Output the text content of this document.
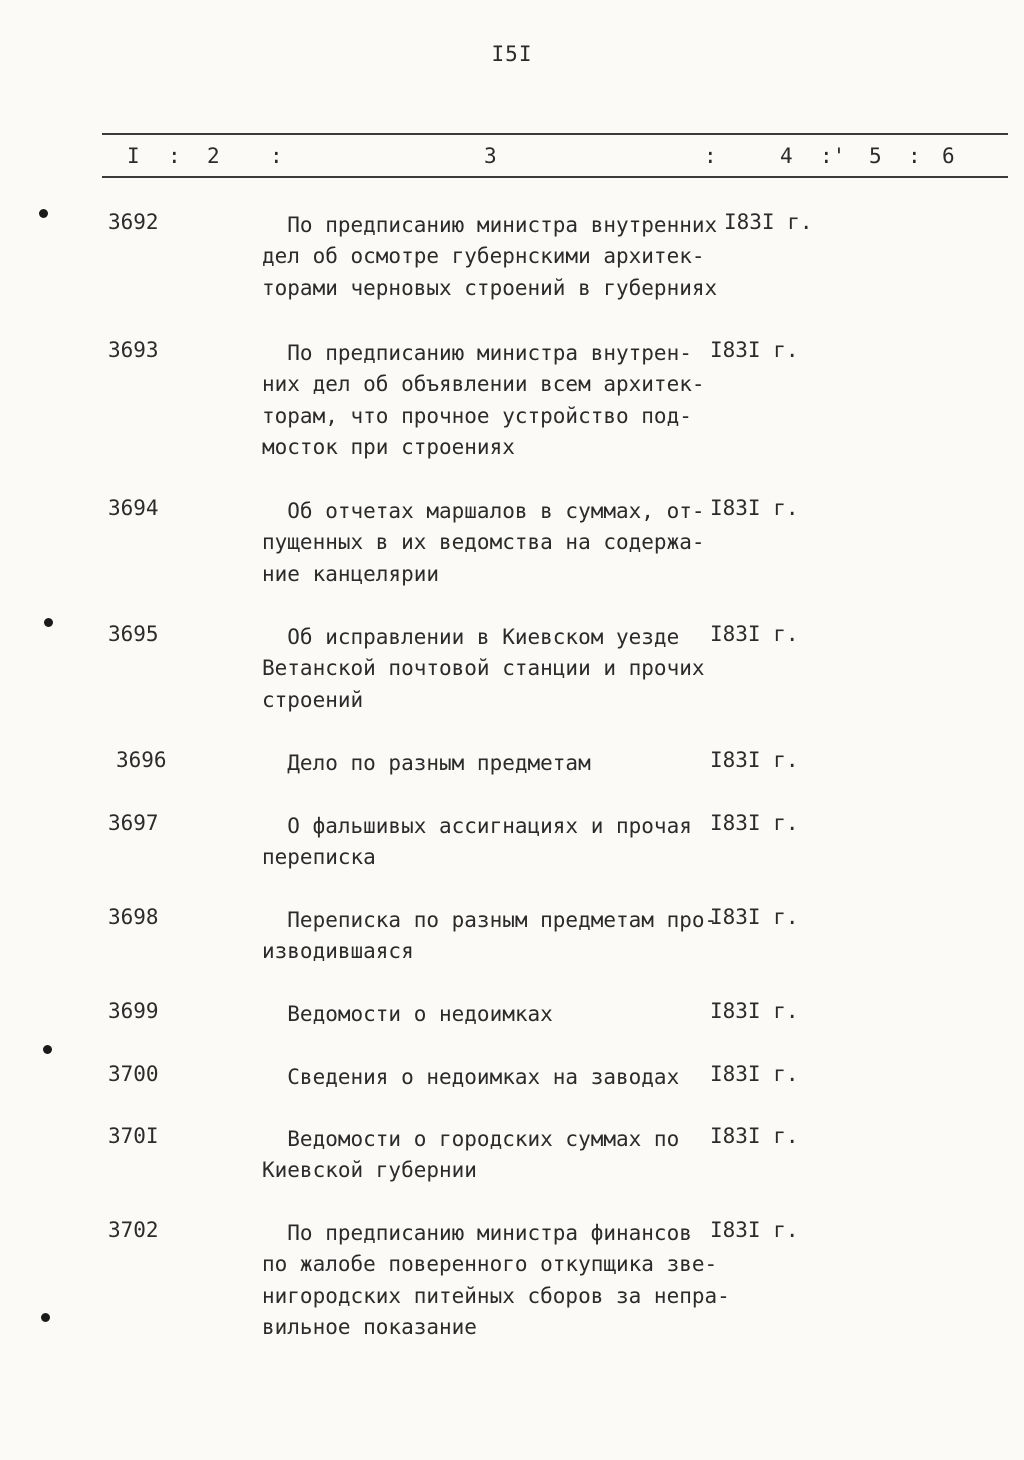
I5I
I : 2 :	3	:	4 :' 5 : 6
3692	По предписанию министра внутренних
дел об осмотре губернскими архитек-
торами черновых строений в губерниях
I83I г.
3693	По предписанию министра внутрен-
них дел об объявлении всем архитек-
торам, что прочное устройство под-
мосток при строениях
I83I г.
3694	Об отчетах маршалов в суммах, от-
пущенных в их ведомства на содержа-
ние канцелярии
I83I г.
3695	Об исправлении в Киевском уезде
Ветанской почтовой станции и прочих
строений
I83I г.
3696	Дело по разным предметам	I83I г.
3697	О фальшивых ассигнациях и прочая
переписка
I83I г.
3698	Переписка по разным предметам про-
изводившаяся
I83I г.
3699	Ведомости о недоимках	I83I г.
3700	Сведения о недоимках на заводах	I83I г.
370I	Ведомости о городских суммах по
Киевской губернии
I83I г.
3702	По предписанию министра финансов
по жалобе поверенного откупщика зве-
нигородских питейных сборов за непра-
вильное показание
I83I г.
